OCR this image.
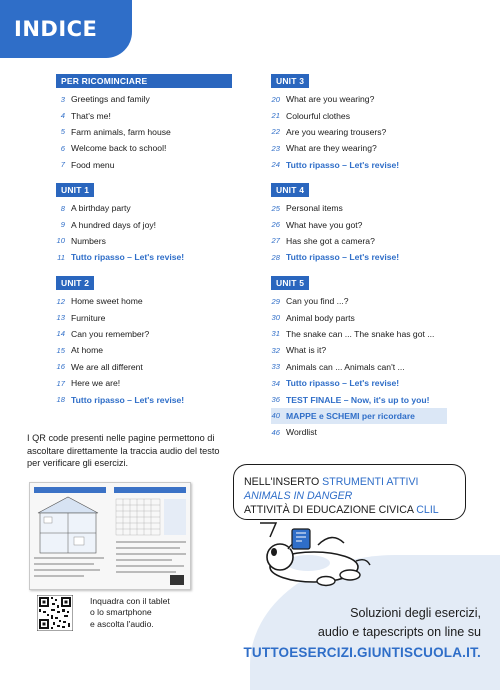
INDICE
PER RICOMINCIARE
3 Greetings and family
4 That's me!
5 Farm animals, farm house
6 Welcome back to school!
7 Food menu
UNIT 1
8 A birthday party
9 A hundred days of joy!
10 Numbers
11 Tutto ripasso – Let's revise!
UNIT 2
12 Home sweet home
13 Furniture
14 Can you remember?
15 At home
16 We are all different
17 Here we are!
18 Tutto ripasso – Let's revise!
UNIT 3
20 What are you wearing?
21 Colourful clothes
22 Are you wearing trousers?
23 What are they wearing?
24 Tutto ripasso – Let's revise!
UNIT 4
25 Personal items
26 What have you got?
27 Has she got a camera?
28 Tutto ripasso – Let's revise!
UNIT 5
29 Can you find ...?
30 Animal body parts
31 The snake can ... The snake has got ...
32 What is it?
33 Animals can ... Animals can't ...
34 Tutto ripasso – Let's revise!
36 TEST FINALE – Now, it's up to you!
40 MAPPE e SCHEMI per ricordare
46 Wordlist
I QR code presenti nelle pagine permettono di ascoltare direttamente la traccia audio del testo per verificare gli esercizi.
Inquadra con il tablet
o lo smartphone
e ascolta l'audio.
NELL'INSERTO STRUMENTI ATTIVI
ANIMALS IN DANGER
ATTIVITÀ DI EDUCAZIONE CIVICA CLIL
Soluzioni degli esercizi,
audio e tapescripts on line su
TUTTOESERCIZI.GIUNTISCUOLA.IT.
